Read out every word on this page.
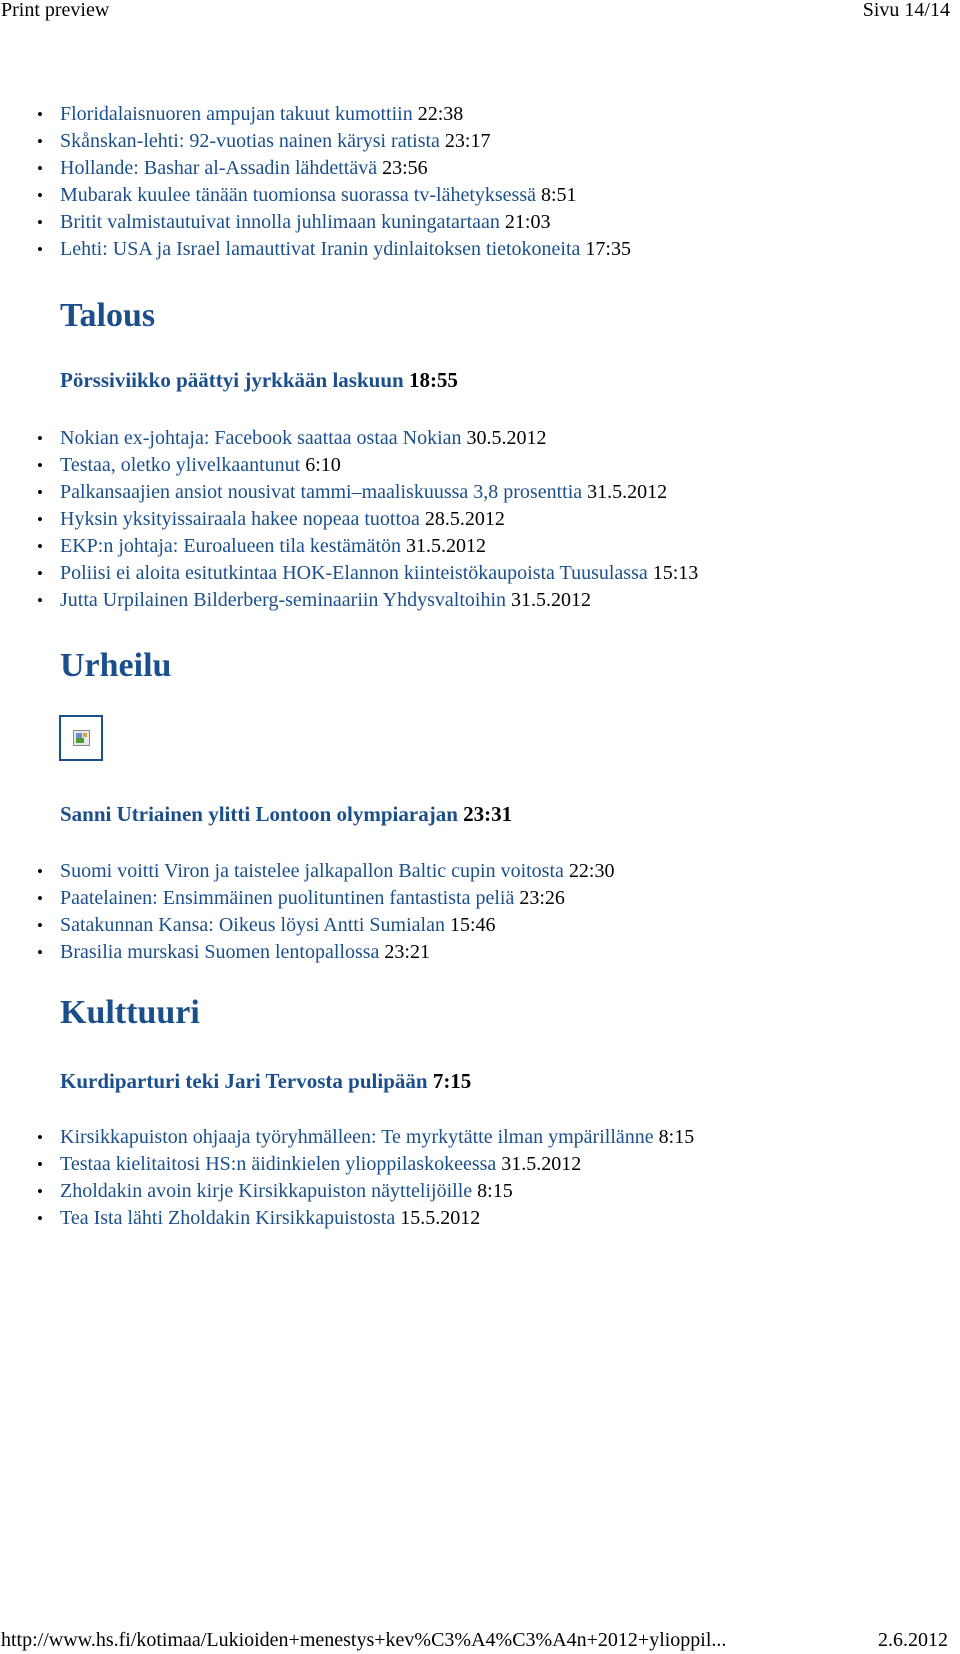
Print preview	Sivu 14/14
• Floridalaisnuoren ampujan takuut kumottiin 22:38
• Skånskan-lehti: 92-vuotias nainen kärysi ratista 23:17
• Hollande: Bashar al-Assadin lähdettävä 23:56
• Mubarak kuulee tänään tuomionsa suorassa tv-lähetyksessä 8:51
• Britit valmistautuivat innolla juhlimaan kuningatartaan 21:03
• Lehti: USA ja Israel lamauttivat Iranin ydinlaitoksen tietokoneita 17:35
Talous
Pörssiviikko päättyi jyrkkään laskuun 18:55
• Nokian ex-johtaja: Facebook saattaa ostaa Nokian 30.5.2012
• Testaa, oletko ylivelkaantunut 6:10
• Palkansaajien ansiot nousivat tammi–maaliskuussa 3,8 prosenttia 31.5.2012
• Hyksin yksityissairaala hakee nopeaa tuottoa 28.5.2012
• EKP:n johtaja: Euroalueen tila kestämätön 31.5.2012
• Poliisi ei aloita esitutkintaa HOK-Elannon kiinteistökaupoista Tuusulassa 15:13
• Jutta Urpilainen Bilderberg-seminaariin Yhdysvaltoihin 31.5.2012
Urheilu
Sanni Utriainen ylitti Lontoon olympiarajan 23:31
• Suomi voitti Viron ja taistelee jalkapallon Baltic cupin voitosta 22:30
• Paatelainen: Ensimmäinen puolituntinen fantastista peliä 23:26
• Satakunnan Kansa: Oikeus löysi Antti Sumialan 15:46
• Brasilia murskasi Suomen lentopallossa 23:21
Kulttuuri
Kurdiparturi teki Jari Tervosta pulipään 7:15
• Kirsikkapuiston ohjaaja työryhmälleen: Te myrkytätte ilman ympärillänne 8:15
• Testaa kielitaitosi HS:n äidinkielen ylioppilaskokeessa 31.5.2012
• Zholdakin avoin kirje Kirsikkapuiston näyttelijöille 8:15
• Tea Ista lähti Zholdakin Kirsikkapuistosta 15.5.2012
http://www.hs.fi/kotimaa/Lukioiden+menestys+kev%C3%A4%C3%A4n+2012+ylioppil...	2.6.2012
